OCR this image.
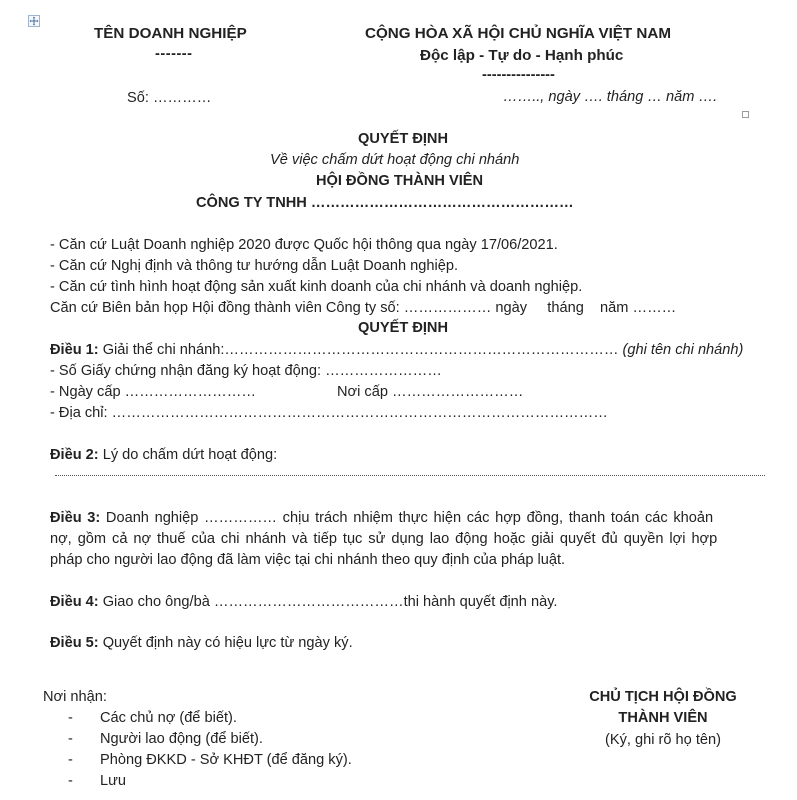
TÊN DOANH NGHIỆP
-------
Số: …………
CỘNG HÒA XÃ HỘI CHỦ NGHĨA VIỆT NAM
Độc lập - Tự do - Hạnh phúc
---------------
…….., ngày …. tháng … năm ….
QUYẾT ĐỊNH
Về việc chấm dứt hoạt động chi nhánh
HỘI ĐỒNG THÀNH VIÊN
CÔNG TY TNHH ………………………………………………
- Căn cứ Luật Doanh nghiệp 2020 được Quốc hội thông qua ngày 17/06/2021.
- Căn cứ Nghị định và thông tư hướng dẫn Luật Doanh nghiệp.
- Căn cứ tình hình hoạt động sản xuất kinh doanh của chi nhánh và doanh nghiệp.
Căn cứ Biên bản họp Hội đồng thành viên Công ty số: ……………… ngày     tháng    năm ………
QUYẾT ĐỊNH
Điều 1: Giải thể chi nhánh:……………………………………………………………………… (ghi tên chi nhánh)
- Số Giấy chứng nhận đăng ký hoạt động: ……………………
- Ngày cấp ………………………	Nơi cấp ………………………
- Địa chỉ: …………………………………………………………………………………………
Điều 2: Lý do chấm dứt hoạt động:
Điều 3: Doanh nghiệp …………… chịu trách nhiệm thực hiện các hợp đồng, thanh toán các khoản
nợ, gồm cả nợ thuế của chi nhánh và tiếp tục sử dụng lao động hoặc giải quyết đủ quyền lợi hợp
pháp cho người lao động đã làm việc tại chi nhánh theo quy định của pháp luật.
Điều 4: Giao cho ông/bà …………………………………thi hành quyết định này.
Điều 5: Quyết định này có hiệu lực từ ngày ký.
Nơi nhận:
- Các chủ nợ (để biết).
- Người lao động (để biết).
- Phòng ĐKKD - Sở KHĐT (để đăng ký).
- Lưu
CHỦ TỊCH HỘI ĐỒNG
THÀNH VIÊN
(Ký, ghi rõ họ tên)
